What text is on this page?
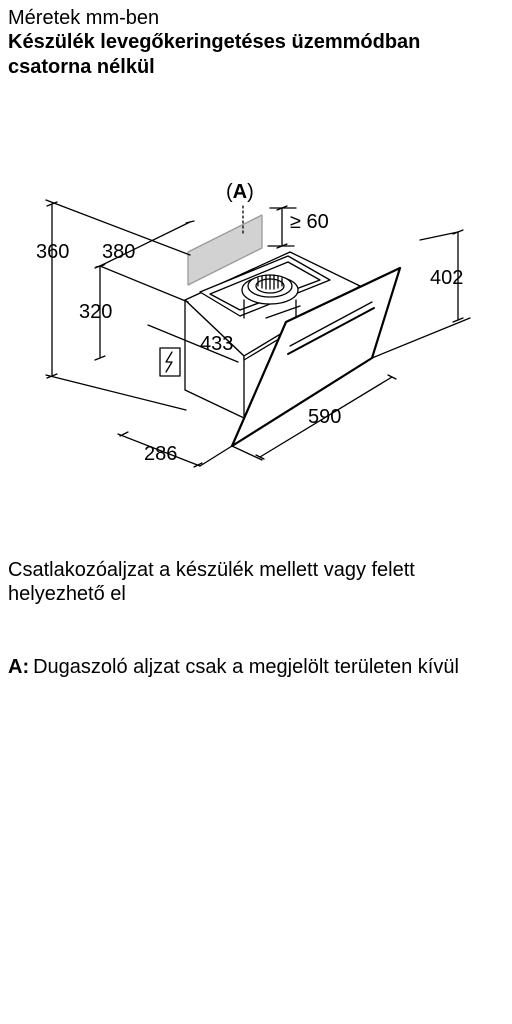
Méretek mm-ben
Készülék levegőkeringetéses üzemmódban csatorna nélkül
(A)
≥ 60
360 380
320
433
402
590
286
Csatlakozóaljzat a készülék mellett vagy felett helyezhető el
A: Dugaszoló aljzat csak a megjelölt területen kívül
